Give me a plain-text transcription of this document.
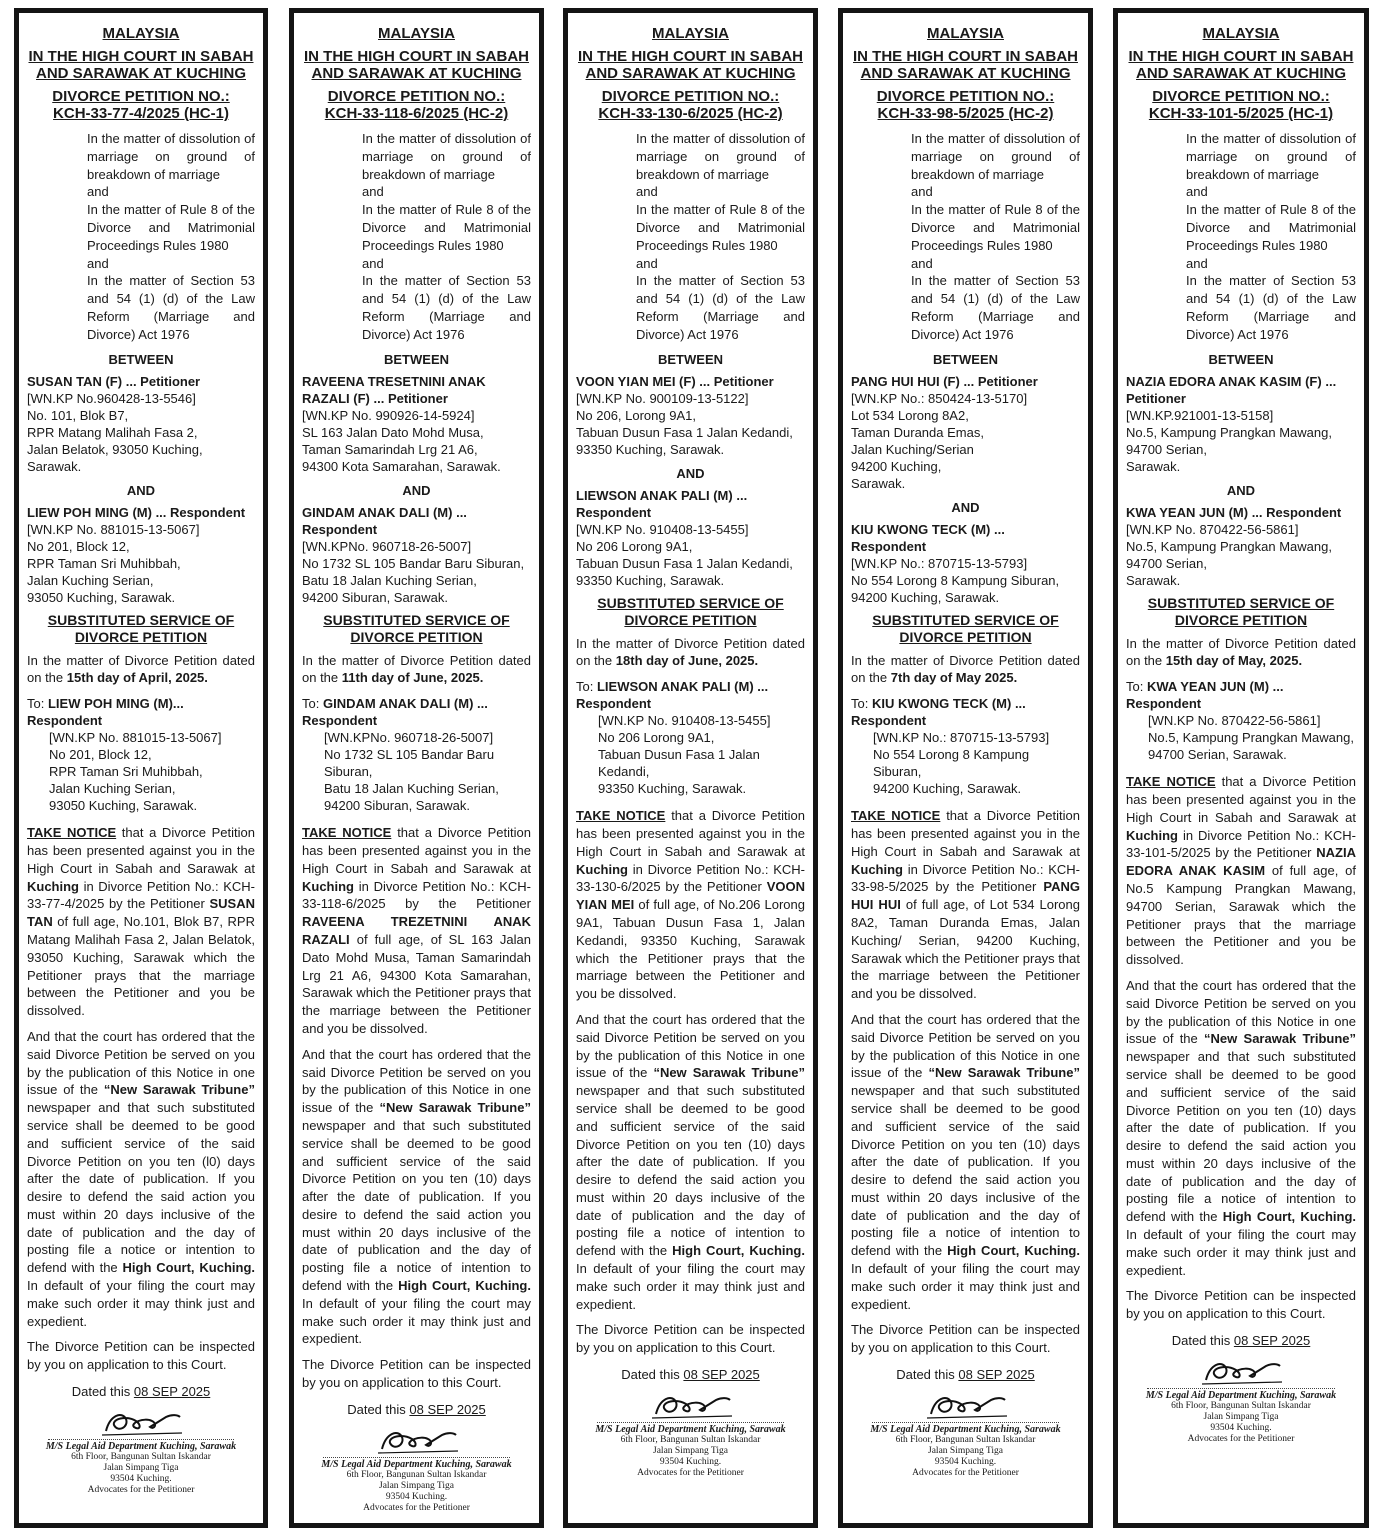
MALAYSIA

IN THE HIGH COURT IN SABAH AND SARAWAK AT KUCHING

DIVORCE PETITION NO.:

KCH-33-77-4/2025 (HC-1)

In the matter of dissolution of marriage on ground of breakdown of marriage
and
In the matter of Rule 8 of the Divorce and Matrimonial Proceedings Rules 1980
and
In the matter of Section 53 and 54 (1) (d) of the Law Reform (Marriage and Divorce) Act 1976
BETWEEN
SUSAN TAN (F) ... Petitioner
[WN.KP No.960428-13-5546]
No. 101, Blok B7,
RPR Matang Malihah Fasa 2,
Jalan Belatok, 93050 Kuching,
Sarawak.
AND
LIEW POH MING (M) ... Respondent
[WN.KP No. 881015-13-5067]
No 201, Block 12,
RPR Taman Sri Muhibbah,
Jalan Kuching Serian,
93050 Kuching, Sarawak.
SUBSTITUTED SERVICE OF DIVORCE PETITION

In the matter of Divorce Petition dated on the 15th day of April, 2025.

To: LIEW POH MING (M)... Respondent
[WN.KP No. 881015-13-5067]
No 201, Block 12,
RPR Taman Sri Muhibbah,
Jalan Kuching Serian,
93050 Kuching, Sarawak.

TAKE NOTICE that a Divorce Petition has been presented against you in the High Court in Sabah and Sarawak at Kuching in Divorce Petition No.: KCH-33-77-4/2025 by the Petitioner SUSAN TAN of full age, No.101, Blok B7, RPR Matang Malihah Fasa 2, Jalan Belatok, 93050 Kuching, Sarawak which the Petitioner prays that the marriage between the Petitioner and you be dissolved.

And that the court has ordered that the said Divorce Petition be served on you by the publication of this Notice in one issue of the “New Sarawak Tribune” newspaper and that such substituted service shall be deemed to be good and sufficient service of the said Divorce Petition on you ten (l0) days after the date of publication. If you desire to defend the said action you must within 20 days inclusive of the date of publication and the day of posting file a notice or intention to defend with the High Court, Kuching. In default of your filing the court may make such order it may think just and expedient.

The Divorce Petition can be inspected by you on application to this Court.

Dated this 08 SEP 2025
M/S Legal Aid Department Kuching, Sarawak
6th Floor, Bangunan Sultan Iskandar
Jalan Simpang Tiga
93504 Kuching.
Advocates for the Petitioner

MALAYSIA

IN THE HIGH COURT IN SABAH AND SARAWAK AT KUCHING

DIVORCE PETITION NO.:

KCH-33-118-6/2025 (HC-2)

In the matter of dissolution of marriage on ground of breakdown of marriage
and
In the matter of Rule 8 of the Divorce and Matrimonial Proceedings Rules 1980
and
In the matter of Section 53 and 54 (1) (d) of the Law Reform (Marriage and Divorce) Act 1976
BETWEEN
RAVEENA TRESETNINI ANAK RAZALI (F) ... Petitioner
[WN.KP No. 990926-14-5924]
SL 163 Jalan Dato Mohd Musa,
Taman Samarindah Lrg 21 A6,
94300 Kota Samarahan, Sarawak.
AND
GINDAM ANAK DALI (M) ... Respondent
[WN.KPNo. 960718-26-5007]
No 1732 SL 105 Bandar Baru Siburan,
Batu 18 Jalan Kuching Serian,
94200 Siburan, Sarawak.
SUBSTITUTED SERVICE OF DIVORCE PETITION

In the matter of Divorce Petition dated on the 11th day of June, 2025.

To: GINDAM ANAK DALI (M) ... Respondent
[WN.KPNo. 960718-26-5007]
No 1732 SL 105 Bandar Baru Siburan,
Batu 18 Jalan Kuching Serian,
94200 Siburan, Sarawak.

TAKE NOTICE that a Divorce Petition has been presented against you in the High Court in Sabah and Sarawak at Kuching in Divorce Petition No.: KCH-33-118-6/2025 by the Petitioner RAVEENA TREZETNINI ANAK RAZALI of full age, of SL 163 Jalan Dato Mohd Musa, Taman Samarindah Lrg 21 A6, 94300 Kota Samarahan, Sarawak which the Petitioner prays that the marriage between the Petitioner and you be dissolved.

And that the court has ordered that the said Divorce Petition be served on you by the publication of this Notice in one issue of the “New Sarawak Tribune” newspaper and that such substituted service shall be deemed to be good and sufficient service of the said Divorce Petition on you ten (10) days after the date of publication. If you desire to defend the said action you must within 20 days inclusive of the date of publication and the day of posting file a notice of intention to defend with the High Court, Kuching. In default of your filing the court may make such order it may think just and expedient.

The Divorce Petition can be inspected by you on application to this Court.

Dated this 08 SEP 2025
M/S Legal Aid Department Kuching, Sarawak
6th Floor, Bangunan Sultan Iskandar
Jalan Simpang Tiga
93504 Kuching.
Advocates for the Petitioner

MALAYSIA

IN THE HIGH COURT IN SABAH AND SARAWAK AT KUCHING

DIVORCE PETITION NO.:

KCH-33-130-6/2025 (HC-2)

In the matter of dissolution of marriage on ground of breakdown of marriage
and
In the matter of Rule 8 of the Divorce and Matrimonial Proceedings Rules 1980
and
In the matter of Section 53 and 54 (1) (d) of the Law Reform (Marriage and Divorce) Act 1976
BETWEEN
VOON YIAN MEI (F) ... Petitioner
[WN.KP No. 900109-13-5122]
No 206, Lorong 9A1,
Tabuan Dusun Fasa 1 Jalan Kedandi,
93350 Kuching, Sarawak.
AND
LIEWSON ANAK PALI (M) ... Respondent
[WN.KP No. 910408-13-5455]
No 206 Lorong 9A1,
Tabuan Dusun Fasa 1 Jalan Kedandi,
93350 Kuching, Sarawak.
SUBSTITUTED SERVICE OF DIVORCE PETITION

In the matter of Divorce Petition dated on the 18th day of June, 2025.

To: LIEWSON ANAK PALI (M) ... Respondent
[WN.KP No. 910408-13-5455]
No 206 Lorong 9A1,
Tabuan Dusun Fasa 1 Jalan Kedandi,
93350 Kuching, Sarawak.

TAKE NOTICE that a Divorce Petition has been presented against you in the High Court in Sabah and Sarawak at Kuching in Divorce Petition No.: KCH-33-130-6/2025 by the Petitioner VOON YIAN MEI of full age, of No.206 Lorong 9A1, Tabuan Dusun Fasa 1, Jalan Kedandi, 93350 Kuching, Sarawak which the Petitioner prays that the marriage between the Petitioner and you be dissolved.

And that the court has ordered that the said Divorce Petition be served on you by the publication of this Notice in one issue of the “New Sarawak Tribune” newspaper and that such substituted service shall be deemed to be good and sufficient service of the said Divorce Petition on you ten (10) days after the date of publication. If you desire to defend the said action you must within 20 days inclusive of the date of publication and the day of posting file a notice of intention to defend with the High Court, Kuching. In default of your filing the court may make such order it may think just and expedient.

The Divorce Petition can be inspected by you on application to this Court.

Dated this 08 SEP 2025
M/S Legal Aid Department Kuching, Sarawak
6th Floor, Bangunan Sultan Iskandar
Jalan Simpang Tiga
93504 Kuching.
Advocates for the Petitioner

MALAYSIA

IN THE HIGH COURT IN SABAH AND SARAWAK AT KUCHING

DIVORCE PETITION NO.:

KCH-33-98-5/2025 (HC-2)

In the matter of dissolution of marriage on ground of breakdown of marriage
and
In the matter of Rule 8 of the Divorce and Matrimonial Proceedings Rules 1980
and
In the matter of Section 53 and 54 (1) (d) of the Law Reform (Marriage and Divorce) Act 1976
BETWEEN
PANG HUI HUI (F) ... Petitioner
[WN.KP No.: 850424-13-5170]
Lot 534 Lorong 8A2,
Taman Duranda Emas,
Jalan Kuching/Serian
94200 Kuching,
Sarawak.
AND
KIU KWONG TECK (M) ... Respondent
[WN.KP No.: 870715-13-5793]
No 554 Lorong 8 Kampung Siburan,
94200 Kuching, Sarawak.
SUBSTITUTED SERVICE OF DIVORCE PETITION

In the matter of Divorce Petition dated on the 7th day of May 2025.

To: KIU KWONG TECK (M) ... Respondent
[WN.KP No.: 870715-13-5793]
No 554 Lorong 8 Kampung Siburan,
94200 Kuching, Sarawak.

TAKE NOTICE that a Divorce Petition has been presented against you in the High Court in Sabah and Sarawak at Kuching in Divorce Petition No.: KCH-33-98-5/2025 by the Petitioner PANG HUI HUI of full age, of Lot 534 Lorong 8A2, Taman Duranda Emas, Jalan Kuching/ Serian, 94200 Kuching, Sarawak which the Petitioner prays that the marriage between the Petitioner and you be dissolved.

And that the court has ordered that the said Divorce Petition be served on you by the publication of this Notice in one issue of the “New Sarawak Tribune” newspaper and that such substituted service shall be deemed to be good and sufficient service of the said Divorce Petition on you ten (10) days after the date of publication. If you desire to defend the said action you must within 20 days inclusive of the date of publication and the day of posting file a notice of intention to defend with the High Court, Kuching. In default of your filing the court may make such order it may think just and expedient.

The Divorce Petition can be inspected by you on application to this Court.

Dated this 08 SEP 2025
M/S Legal Aid Department Kuching, Sarawak
6th Floor, Bangunan Sultan Iskandar
Jalan Simpang Tiga
93504 Kuching.
Advocates for the Petitioner

MALAYSIA

IN THE HIGH COURT IN SABAH AND SARAWAK AT KUCHING

DIVORCE PETITION NO.:

KCH-33-101-5/2025 (HC-1)

In the matter of dissolution of marriage on ground of breakdown of marriage
and
In the matter of Rule 8 of the Divorce and Matrimonial Proceedings Rules 1980
and
In the matter of Section 53 and 54 (1) (d) of the Law Reform (Marriage and Divorce) Act 1976
BETWEEN
NAZIA EDORA ANAK KASIM (F) ... Petitioner
[WN.KP.921001-13-5158]
No.5, Kampung Prangkan Mawang,
94700 Serian,
Sarawak.
AND
KWA YEAN JUN (M) ... Respondent
[WN.KP No. 870422-56-5861]
No.5, Kampung Prangkan Mawang,
94700 Serian,
Sarawak.
SUBSTITUTED SERVICE OF DIVORCE PETITION

In the matter of Divorce Petition dated on the 15th day of May, 2025.

To: KWA YEAN JUN (M) ... Respondent
[WN.KP No. 870422-56-5861]
No.5, Kampung Prangkan Mawang,
94700 Serian, Sarawak.

TAKE NOTICE that a Divorce Petition has been presented against you in the High Court in Sabah and Sarawak at Kuching in Divorce Petition No.: KCH-33-101-5/2025 by the Petitioner NAZIA EDORA ANAK KASIM of full age, of No.5 Kampung Prangkan Mawang, 94700 Serian, Sarawak which the Petitioner prays that the marriage between the Petitioner and you be dissolved.

And that the court has ordered that the said Divorce Petition be served on you by the publication of this Notice in one issue of the “New Sarawak Tribune” newspaper and that such substituted service shall be deemed to be good and sufficient service of the said Divorce Petition on you ten (10) days after the date of publication. If you desire to defend the said action you must within 20 days inclusive of the date of publication and the day of posting file a notice of intention to defend with the High Court, Kuching. In default of your filing the court may make such order it may think just and expedient.

The Divorce Petition can be inspected by you on application to this Court.

Dated this 08 SEP 2025
M/S Legal Aid Department Kuching, Sarawak
6th Floor, Bangunan Sultan Iskandar
Jalan Simpang Tiga
93504 Kuching.
Advocates for the Petitioner
